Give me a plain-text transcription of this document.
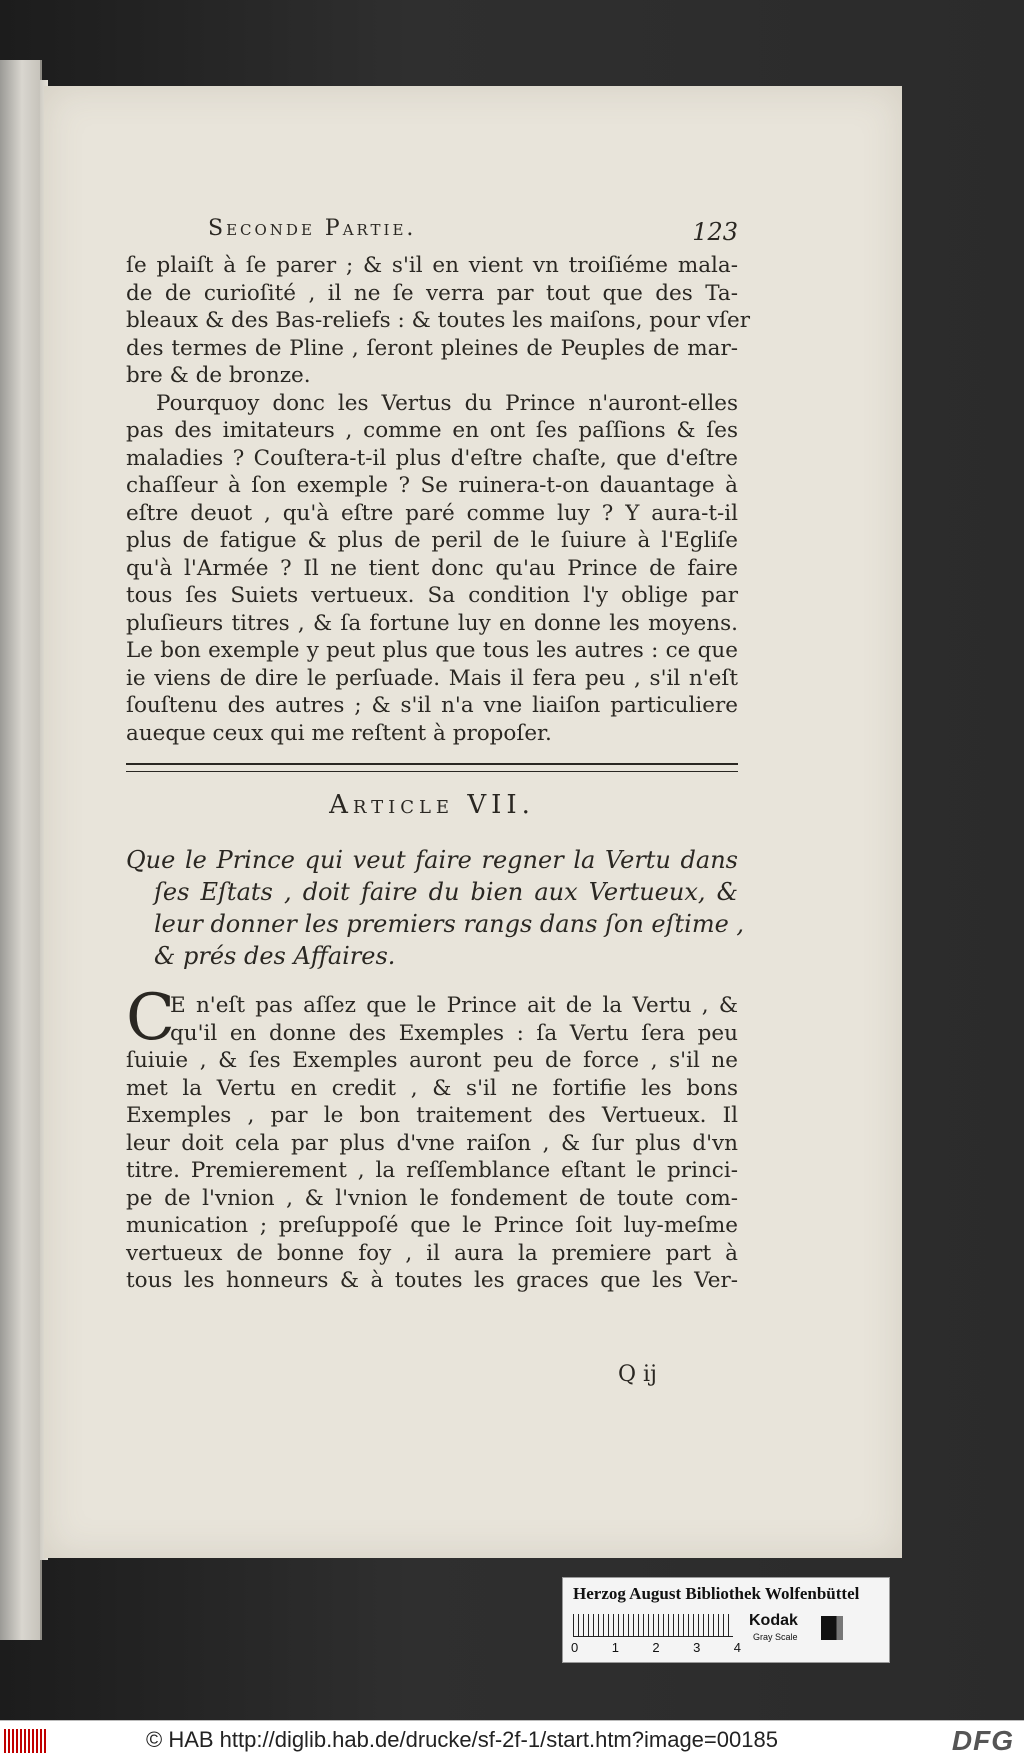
Seconde Partie.	123
ſe plaiſt à ſe parer ; & s'il en vient vn troiſiéme mala-
de de curioſité , il ne ſe verra par tout que des Ta-
bleaux & des Bas-reliefs : & toutes les maiſons, pour vſer
des termes de Pline , ſeront pleines de Peuples de mar-
bre & de bronze.
Pourquoy donc les Vertus du Prince n'auront-elles
pas des imitateurs , comme en ont ſes paſſions & ſes
maladies ? Couſtera-t-il plus d'eſtre chaſte, que d'eſtre
chaſſeur à ſon exemple ? Se ruinera-t-on dauantage à
eſtre deuot , qu'à eſtre paré comme luy ? Y aura-t-il
plus de fatigue & plus de peril de le ſuiure à l'Egliſe
qu'à l'Armée ? Il ne tient donc qu'au Prince de faire
tous ſes Suiets vertueux. Sa condition l'y oblige par
pluſieurs titres , & ſa fortune luy en donne les moyens.
Le bon exemple y peut plus que tous les autres : ce que
ie viens de dire le perſuade. Mais il fera peu , s'il n'eſt
ſouſtenu des autres ; & s'il n'a vne liaiſon particuliere
aueque ceux qui me reſtent à propoſer.
Article VII.
Que le Prince qui veut faire regner la Vertu dans
ſes Eſtats , doit faire du bien aux Vertueux, &
leur donner les premiers rangs dans ſon eſtime ,
& prés des Affaires.
C
E n'eſt pas aſſez que le Prince ait de la Vertu , &
qu'il en donne des Exemples : ſa Vertu ſera peu
ſuiuie , & ſes Exemples auront peu de force , s'il ne
met la Vertu en credit , & s'il ne fortifie les bons
Exemples , par le bon traitement des Vertueux. Il
leur doit cela par plus d'vne raiſon , & ſur plus d'vn
titre. Premierement , la reſſemblance eſtant le princi-
pe de l'vnion , & l'vnion le fondement de toute com-
munication ; preſuppoſé que le Prince ſoit luy-meſme
vertueux de bonne foy , il aura la premiere part à
tous les honneurs & à toutes les graces que les Ver-
Q ij
Herzog August Bibliothek Wolfenbüttel
0	1	2	3	4
Kodak
Gray Scale
© HAB http://diglib.hab.de/drucke/sf-2f-1/start.htm?image=00185	DFG
